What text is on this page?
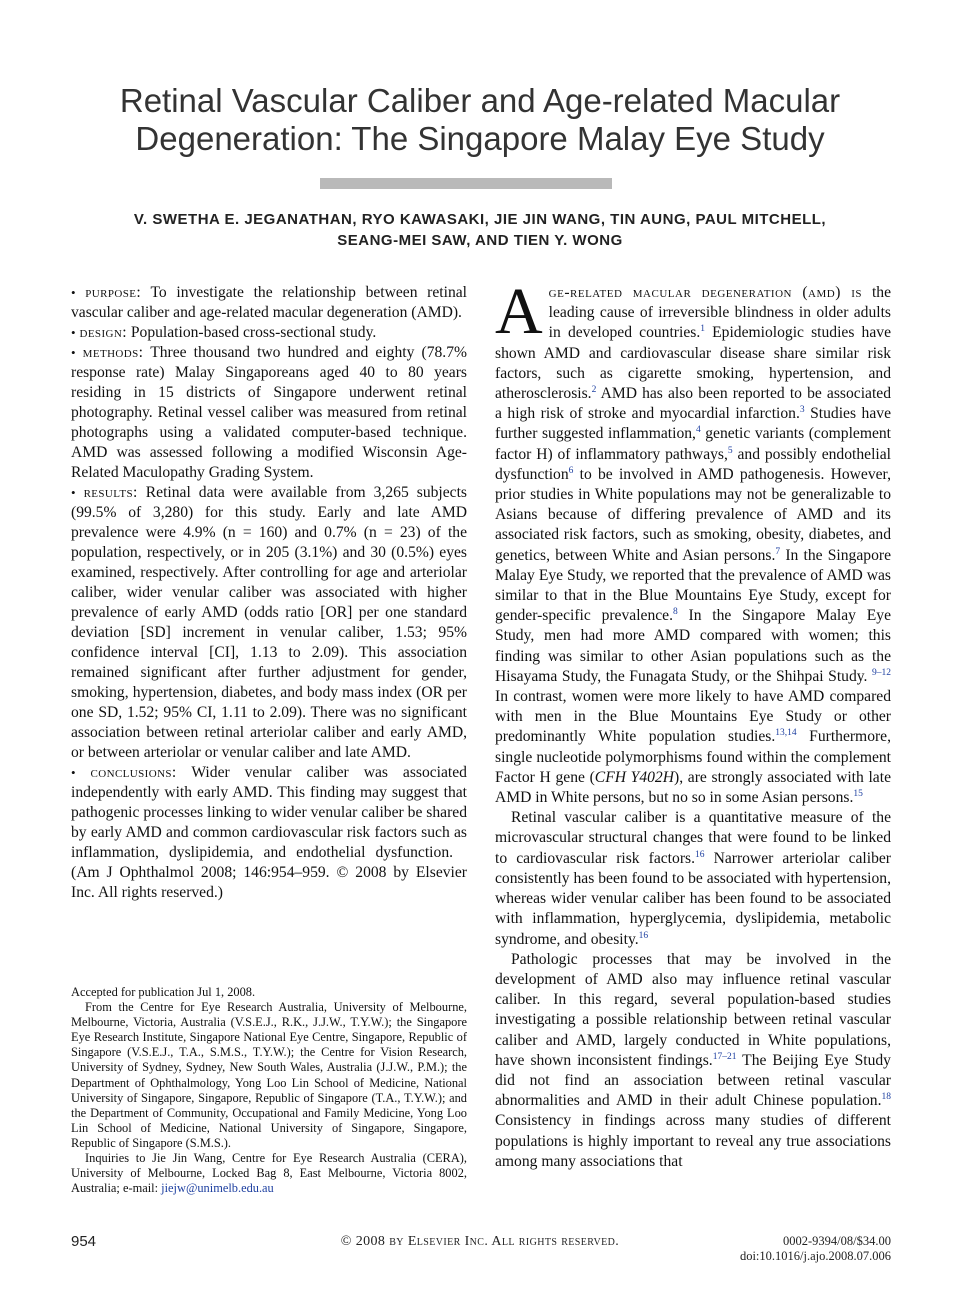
Retinal Vascular Caliber and Age-related Macular
Degeneration: The Singapore Malay Eye Study
V. SWETHA E. JEGANATHAN, RYO KAWASAKI, JIE JIN WANG, TIN AUNG, PAUL MITCHELL,
SEANG-MEI SAW, AND TIEN Y. WONG

• purpose: To investigate the relationship between retinal vascular caliber and age-related macular degeneration (AMD).

• design: Population-based cross-sectional study.

• methods: Three thousand two hundred and eighty (78.7% response rate) Malay Singaporeans aged 40 to 80 years residing in 15 districts of Singapore underwent retinal photography. Retinal vessel caliber was measured from retinal photographs using a validated computer-based technique. AMD was assessed following a modified Wisconsin Age-Related Maculopathy Grading System.

• results: Retinal data were available from 3,265 subjects (99.5% of 3,280) for this study. Early and late AMD prevalence were 4.9% (n = 160) and 0.7% (n = 23) of the population, respectively, or in 205 (3.1%) and 30 (0.5%) eyes examined, respectively. After controlling for age and arteriolar caliber, wider venular caliber was associated with higher prevalence of early AMD (odds ratio [OR] per one standard deviation [SD] increment in venular caliber, 1.53; 95% confidence interval [CI], 1.13 to 2.09). This association remained significant after further adjustment for gender, smoking, hypertension, diabetes, and body mass index (OR per one SD, 1.52; 95% CI, 1.11 to 2.09). There was no significant association between retinal arteriolar caliber and early AMD, or between arteriolar or venular caliber and late AMD.

• conclusions: Wider venular caliber was associated independently with early AMD. This finding may suggest that pathogenic processes linking to wider venular caliber be shared by early AMD and common cardiovascular risk factors such as inflammation, dyslipidemia, and endothelial dysfunction.   (Am J Ophthalmol 2008; 146:954–959. © 2008 by Elsevier Inc. All rights reserved.)

Accepted for publication Jul 1, 2008.

From the Centre for Eye Research Australia, University of Melbourne, Melbourne, Victoria, Australia (V.S.E.J., R.K., J.J.W., T.Y.W.); the Singapore Eye Research Institute, Singapore National Eye Centre, Singapore, Republic of Singapore (V.S.E.J., T.A., S.M.S., T.Y.W.); the Centre for Vision Research, University of Sydney, Sydney, New South Wales, Australia (J.J.W., P.M.); the Department of Ophthalmology, Yong Loo Lin School of Medicine, National University of Singapore, Singapore, Republic of Singapore (T.A., T.Y.W.); and the Department of Community, Occupational and Family Medicine, Yong Loo Lin School of Medicine, National University of Singapore, Singapore, Republic of Singapore (S.M.S.).

Inquiries to Jie Jin Wang, Centre for Eye Research Australia (CERA), University of Melbourne, Locked Bag 8, East Melbourne, Victoria 8002, Australia; e-mail: jiejw@unimelb.edu.au

Age-related macular degeneration (amd) is the leading cause of irreversible blindness in older adults in developed countries.$^1$ Epidemiologic studies have shown AMD and cardiovascular disease share similar risk factors, such as cigarette smoking, hypertension, and atherosclerosis.$^2$ AMD has also been reported to be associated a high risk of stroke and myocardial infarction.$^3$ Studies have further suggested inflammation,$^4$ genetic variants (complement factor H) of inflammatory pathways,$^5$ and possibly endothelial dysfunction$^6$ to be involved in AMD pathogenesis. However, prior studies in White populations may not be generalizable to Asians because of differing prevalence of AMD and its associated risk factors, such as smoking, obesity, diabetes, and genetics, between White and Asian persons.$^7$ In the Singapore Malay Eye Study, we reported that the prevalence of AMD was similar to that in the Blue Mountains Eye Study, except for gender-specific prevalence.$^8$ In the Singapore Malay Eye Study, men had more AMD compared with women; this finding was similar to other Asian populations such as the Hisayama Study, the Funagata Study, or the Shihpai Study. $^{9-12}$ In contrast, women were more likely to have AMD compared with men in the Blue Mountains Eye Study or other predominantly White population studies.$^{13,14}$ Furthermore, single nucleotide polymorphisms found within the complement Factor H gene (CFH Y402H), are strongly associated with late AMD in White persons, but no so in some Asian persons.$^{15}$

Retinal vascular caliber is a quantitative measure of the microvascular structural changes that were found to be linked to cardiovascular risk factors.$^{16}$ Narrower arteriolar caliber consistently has been found to be associated with hypertension, whereas wider venular caliber has been found to be associated with inflammation, hyperglycemia, dyslipidemia, metabolic syndrome, and obesity.$^{16}$

Pathologic processes that may be involved in the development of AMD also may influence retinal vascular caliber. In this regard, several population-based studies investigating a possible relationship between retinal vascular caliber and AMD, largely conducted in White populations, have shown inconsistent findings.$^{17-21}$ The Beijing Eye Study did not find an association between retinal vascular abnormalities and AMD in their adult Chinese population.$^{18}$ Consistency in findings across many studies of different populations is highly important to reveal any true associations among many associations that

954	© 2008 by Elsevier Inc. All rights reserved.	0002-9394/08/$34.00
doi:10.1016/j.ajo.2008.07.006
